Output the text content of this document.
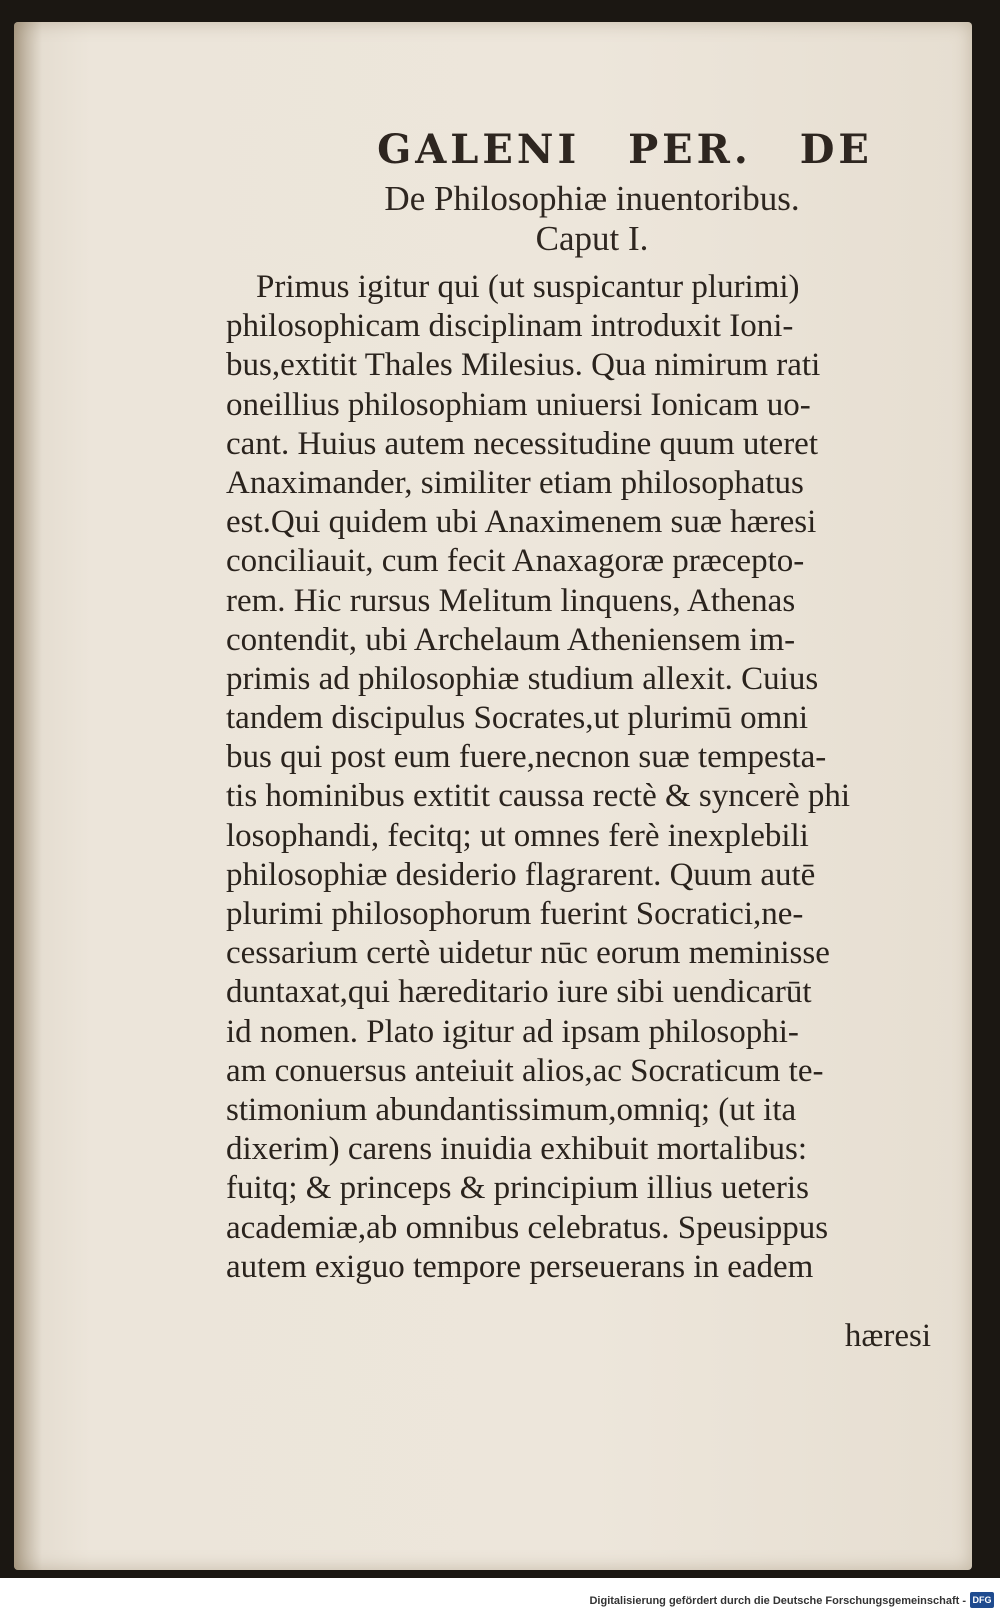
GALENI PER. DE
De Philosophiæ inuentoribus.
Caput I.
Primus igitur qui (ut suspicantur plurimi)
philosophicam disciplinam introduxit Ioni-
bus,extitit Thales Milesius. Qua nimirum rati
oneillius philosophiam uniuersi Ionicam uo-
cant. Huius autem necessitudine quum uteret
Anaximander, similiter etiam philosophatus
est.Qui quidem ubi Anaximenem suæ hæresi
conciliauit, cum fecit Anaxagoræ præcepto-
rem. Hic rursus Melitum linquens, Athenas
contendit, ubi Archelaum Atheniensem im-
primis ad philosophiæ studium allexit. Cuius
tandem discipulus Socrates,ut plurimū omni
bus qui post eum fuere,necnon suæ tempesta-
tis hominibus extitit caussa rectè & syncerè phi
losophandi, fecitq; ut omnes ferè inexplebili
philosophiæ desiderio flagrarent. Quum autē
plurimi philosophorum fuerint Socratici,ne-
cessarium certè uidetur nūc eorum meminisse
duntaxat,qui hæreditario iure sibi uendicarūt
id nomen. Plato igitur ad ipsam philosophi-
am conuersus anteiuit alios,ac Socraticum te-
stimonium abundantissimum,omniq; (ut ita
dixerim) carens inuidia exhibuit mortalibus:
fuitq; & princeps & principium illius ueteris
academiæ,ab omnibus celebratus. Speusippus
autem exiguo tempore perseuerans in eadem
hæresi
Digitalisierung gefördert durch die Deutsche Forschungsgemeinschaft - DFG
